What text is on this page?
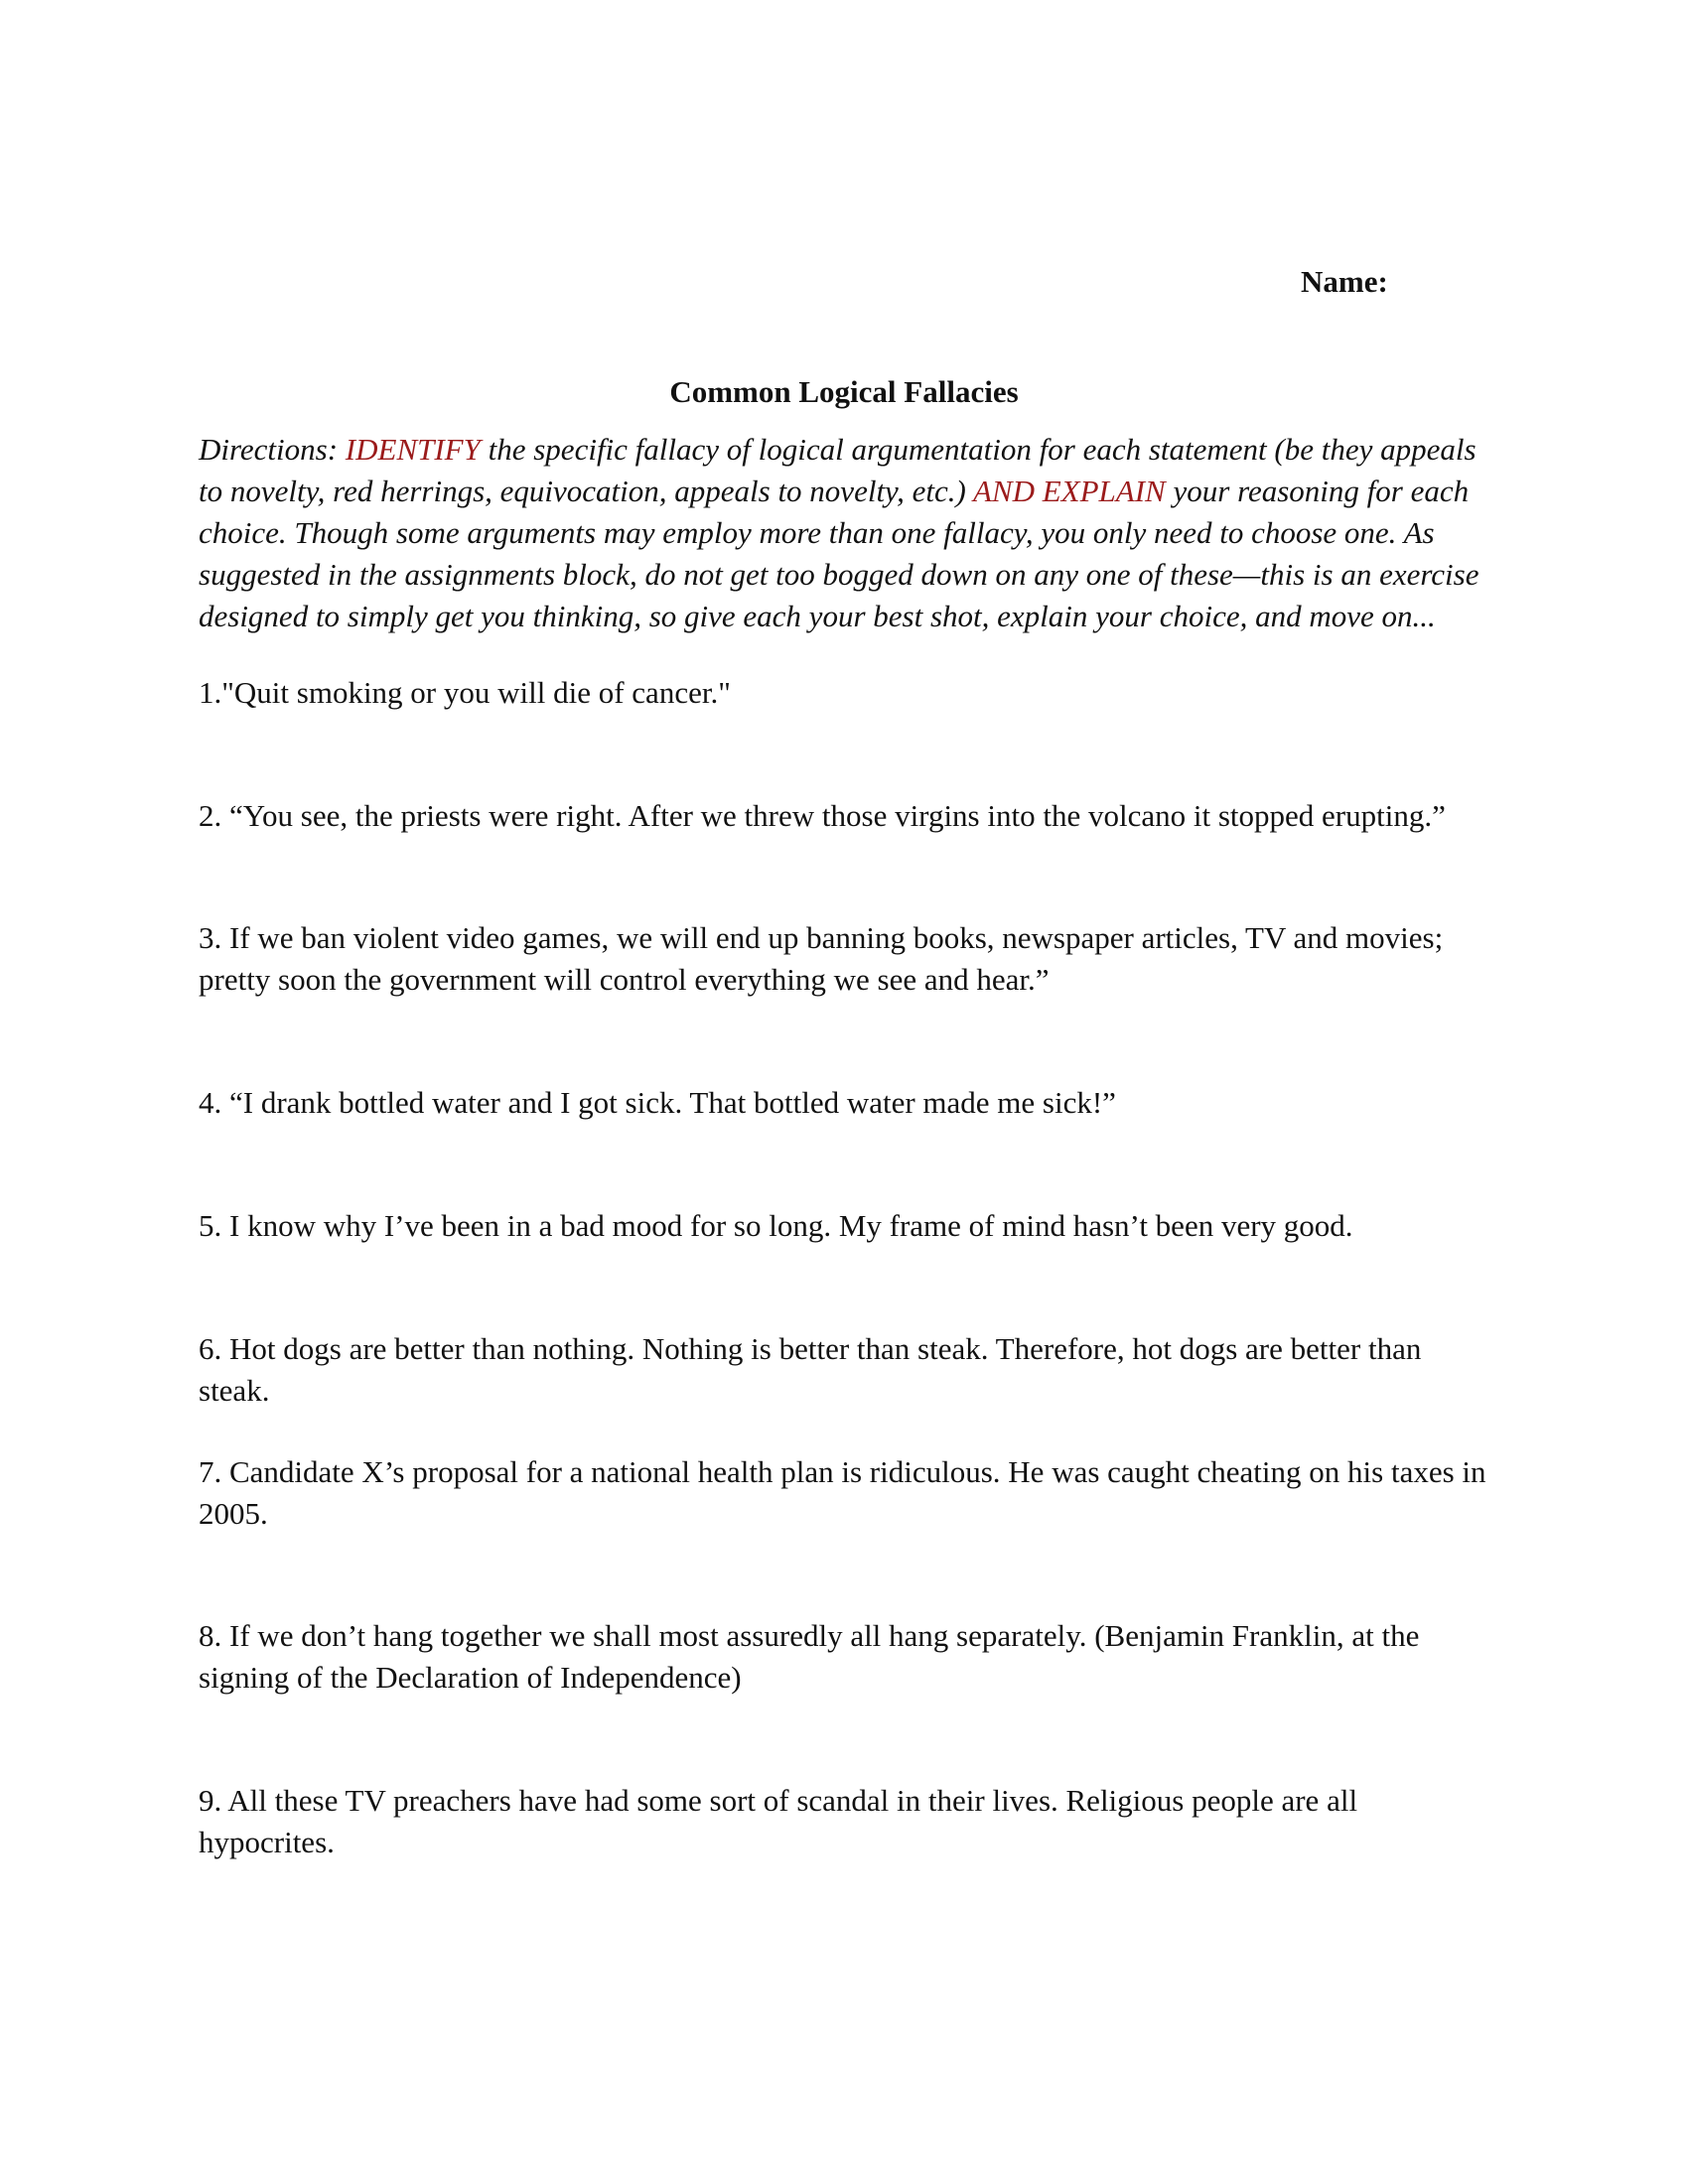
Name:
Common Logical Fallacies

Directions: IDENTIFY the specific fallacy of logical argumentation for each statement (be they appeals to novelty, red herrings, equivocation, appeals to novelty, etc.) AND EXPLAIN your reasoning for each choice. Though some arguments may employ more than one fallacy, you only need to choose one. As suggested in the assignments block, do not get too bogged down on any one of these—this is an exercise designed to simply get you thinking, so give each your best shot, explain your choice, and move on...

1."Quit smoking or you will die of cancer."

2. “You see, the priests were right. After we threw those virgins into the volcano it stopped erupting.”

3. If we ban violent video games, we will end up banning books, newspaper articles, TV and movies; pretty soon the government will control everything we see and hear.”

4. “I drank bottled water and I got sick. That bottled water made me sick!”

5. I know why I’ve been in a bad mood for so long. My frame of mind hasn’t been very good.

6. Hot dogs are better than nothing. Nothing is better than steak. Therefore, hot dogs are better than steak.

7. Candidate X’s proposal for a national health plan is ridiculous. He was caught cheating on his taxes in 2005.

8. If we don’t hang together we shall most assuredly all hang separately. (Benjamin Franklin, at the signing of the Declaration of Independence)

9. All these TV preachers have had some sort of scandal in their lives. Religious people are all hypocrites.
